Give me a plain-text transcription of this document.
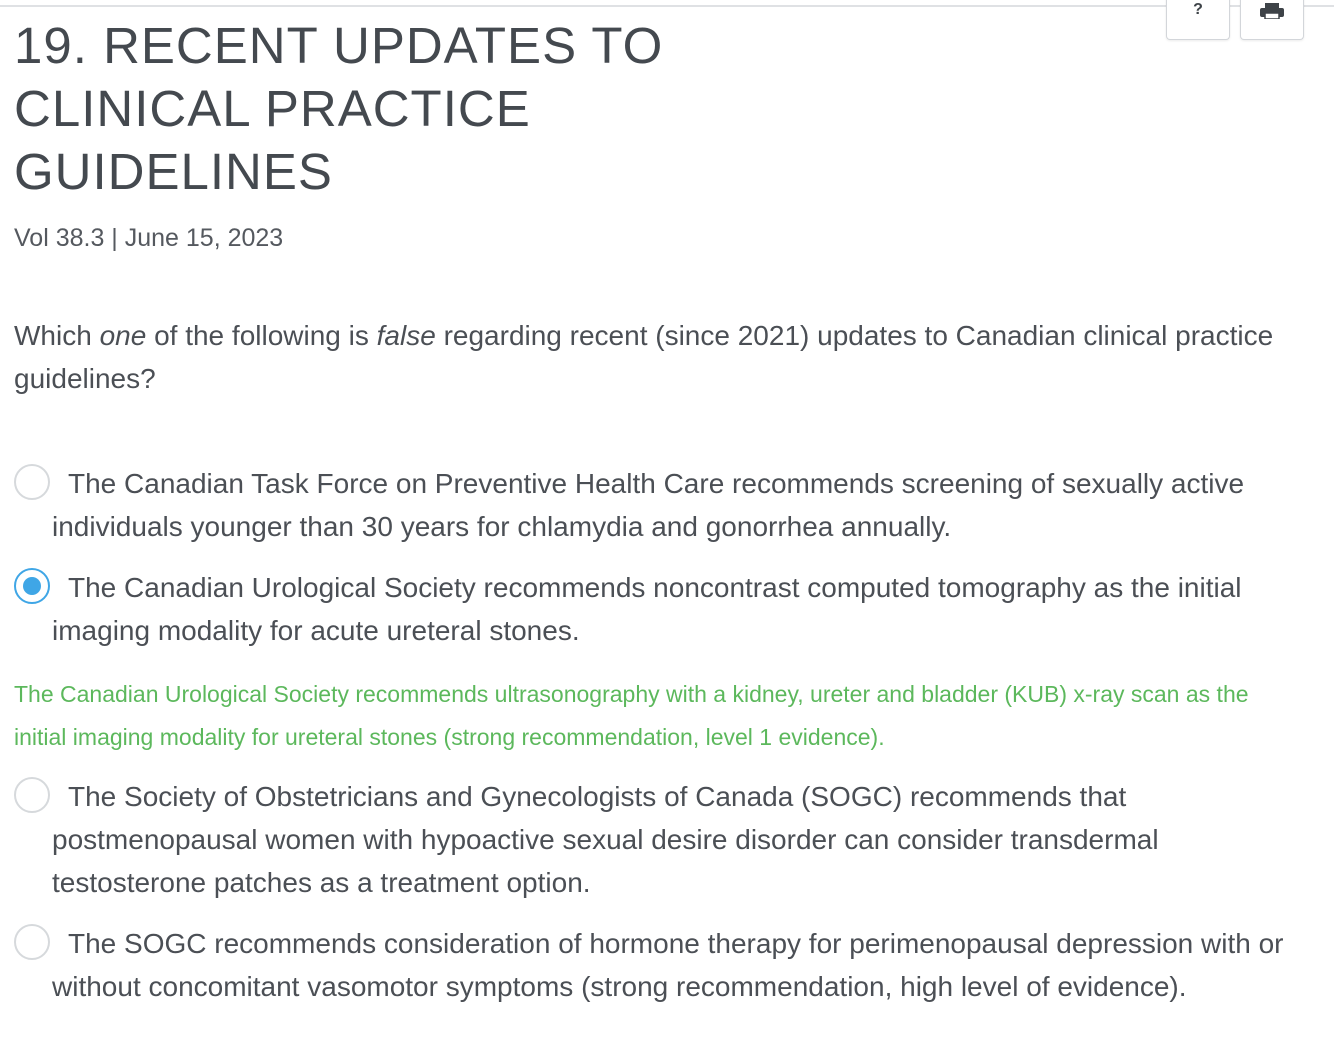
?
19. RECENT UPDATES TO CLINICAL PRACTICE GUIDELINES
Vol 38.3 | June 15, 2023
Which one of the following is false regarding recent (since 2021) updates to Canadian clinical practice guidelines?
The Canadian Task Force on Preventive Health Care recommends screening of sexually active individuals younger than 30 years for chlamydia and gonorrhea annually.
The Canadian Urological Society recommends noncontrast computed tomography as the initial imaging modality for acute ureteral stones.
The Canadian Urological Society recommends ultrasonography with a kidney, ureter and bladder (KUB) x-ray scan as the initial imaging modality for ureteral stones (strong recommendation, level 1 evidence).
The Society of Obstetricians and Gynecologists of Canada (SOGC) recommends that postmenopausal women with hypoactive sexual desire disorder can consider transdermal testosterone patches as a treatment option.
The SOGC recommends consideration of hormone therapy for perimenopausal depression with or without concomitant vasomotor symptoms (strong recommendation, high level of evidence).
